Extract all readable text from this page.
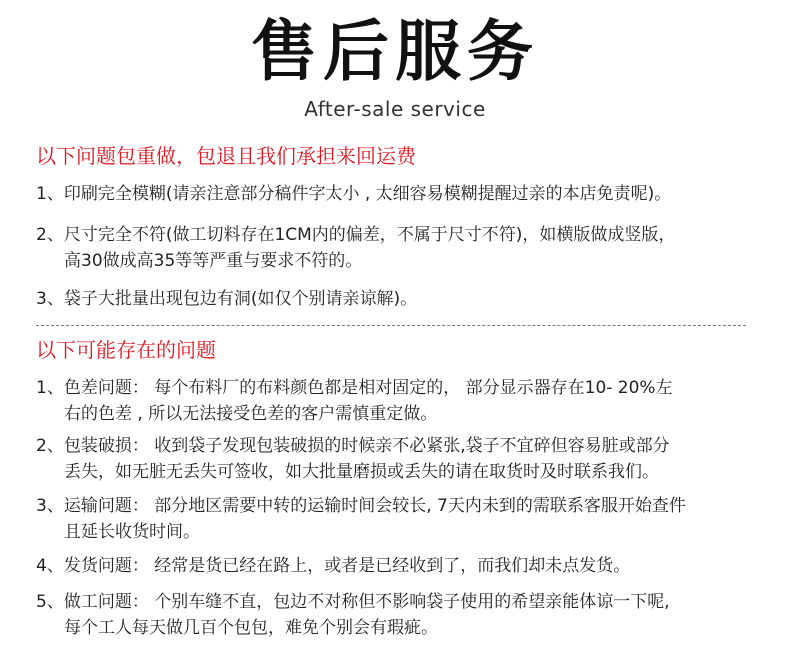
售后服务
After-sale service
以下问题包重做，包退且我们承担来回运费
1、印刷完全模糊(请亲注意部分稿件字太小 , 太细容易模糊提醒过亲的本店免责呢)。
2、尺寸完全不符(做工切料存在1CM内的偏差，不属于尺寸不符)，如横版做成竖版，
高30做成高35等等严重与要求不符的。
3、袋子大批量出现包边有洞(如仅个别请亲谅解)。
以下可能存在的问题
1、色差问题： 每个布料厂的布料颜色都是相对固定的， 部分显示器存在10- 20%左
右的色差 , 所以无法接受色差的客户需慎重定做。
2、包装破损： 收到袋子发现包装破损的时候亲不必紧张,袋子不宜碎但容易脏或部分
丢失，如无脏无丢失可签收，如大批量磨损或丢失的请在取货时及时联系我们。
3、运输问题： 部分地区需要中转的运输时间会较长, 7天内未到的需联系客服开始查件
且延长收货时间。
4、发货问题： 经常是货已经在路上，或者是已经收到了，而我们却未点发货。
5、做工问题： 个别车缝不直，包边不对称但不影响袋子使用的希望亲能体谅一下呢,
每个工人每天做几百个包包，难免个别会有瑕疵。
